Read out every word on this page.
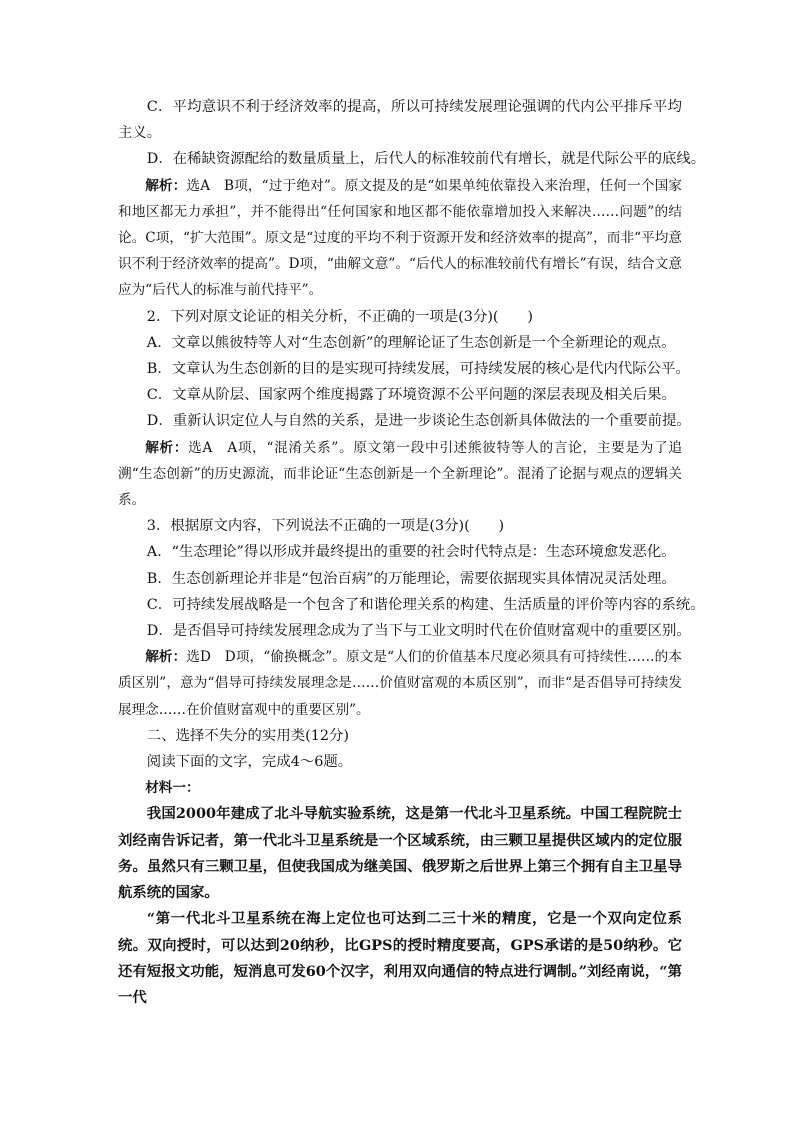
C．平均意识不利于经济效率的提高，所以可持续发展理论强调的代内公平排斥平均主义。

D．在稀缺资源配给的数量质量上，后代人的标准较前代有增长，就是代际公平的底线。

解析：选A　B项，“过于绝对”。原文提及的是“如果单纯依靠投入来治理，任何一个国家和地区都无力承担”，并不能得出“任何国家和地区都不能依靠增加投入来解决……问题”的结论。C项，“扩大范围”。原文是“过度的平均不利于资源开发和经济效率的提高”，而非“平均意识不利于经济效率的提高”。D项，“曲解文意”。“后代人的标准较前代有增长”有误，结合文意应为“后代人的标准与前代持平”。

2．下列对原文论证的相关分析，不正确的一项是(3分)(　　)

A．文章以熊彼特等人对“生态创新”的理解论证了生态创新是一个全新理论的观点。

B．文章认为生态创新的目的是实现可持续发展，可持续发展的核心是代内代际公平。

C．文章从阶层、国家两个维度揭露了环境资源不公平问题的深层表现及相关后果。

D．重新认识定位人与自然的关系，是进一步谈论生态创新具体做法的一个重要前提。

解析：选A　A项，“混淆关系”。原文第一段中引述熊彼特等人的言论，主要是为了追溯“生态创新”的历史源流，而非论证“生态创新是一个全新理论”。混淆了论据与观点的逻辑关系。

3．根据原文内容，下列说法不正确的一项是(3分)(　　)

A．“生态理论”得以形成并最终提出的重要的社会时代特点是：生态环境愈发恶化。

B．生态创新理论并非是“包治百病”的万能理论，需要依据现实具体情况灵活处理。

C．可持续发展战略是一个包含了和谐伦理关系的构建、生活质量的评价等内容的系统。

D．是否倡导可持续发展理念成为了当下与工业文明时代在价值财富观中的重要区别。

解析：选D　D项，“偷换概念”。原文是“人们的价值基本尺度必须具有可持续性……的本质区别”，意为“倡导可持续发展理念是……价值财富观的本质区别”，而非“是否倡导可持续发展理念……在价值财富观中的重要区别”。

二、选择不失分的实用类(12分)

阅读下面的文字，完成4～6题。

材料一：

我国2000年建成了北斗导航实验系统，这是第一代北斗卫星系统。中国工程院院士刘经南告诉记者，第一代北斗卫星系统是一个区域系统，由三颗卫星提供区域内的定位服务。虽然只有三颗卫星，但使我国成为继美国、俄罗斯之后世界上第三个拥有自主卫星导航系统的国家。

“第一代北斗卫星系统在海上定位也可达到二三十米的精度，它是一个双向定位系统。双向授时，可以达到20纳秒，比GPS的授时精度要高，GPS承诺的是50纳秒。它还有短报文功能，短消息可发60个汉字，利用双向通信的特点进行调制。”刘经南说，“第一代
